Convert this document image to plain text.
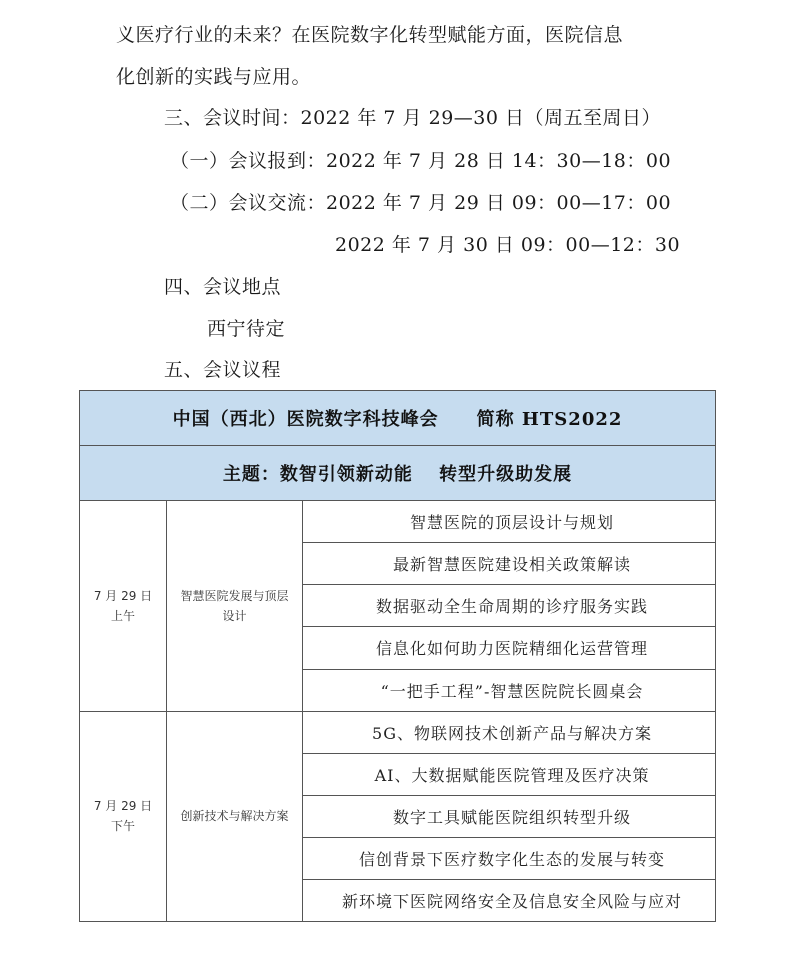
义医疗行业的未来？在医院数字化转型赋能方面，医院信息
化创新的实践与应用。
三、会议时间：2022 年 7 月 29—30 日（周五至周日）
（一）会议报到：2022 年 7 月 28 日 14：30—18：00
（二）会议交流：2022 年 7 月 29 日 09：00—17：00
2022 年 7 月 30 日 09：00—12：30
四、会议地点
西宁待定
五、会议议程
中国（西北）医院数字科技峰会　　简称 HTS2022		
主题：数智引领新动能　 转型升级助发展		

7 月 29 日
上午	智慧医院发展与顶层设计	智慧医院的顶层设计与规划
		最新智慧医院建设相关政策解读
		数据驱动全生命周期的诊疗服务实践
		信息化如何助力医院精细化运营管理
		“一把手工程”-智慧医院院长圆桌会

7 月 29 日
下午	创新技术与解决方案	5G、物联网技术创新产品与解决方案
		AI、大数据赋能医院管理及医疗决策
		数字工具赋能医院组织转型升级
		信创背景下医疗数字化生态的发展与转变
		新环境下医院网络安全及信息安全风险与应对
